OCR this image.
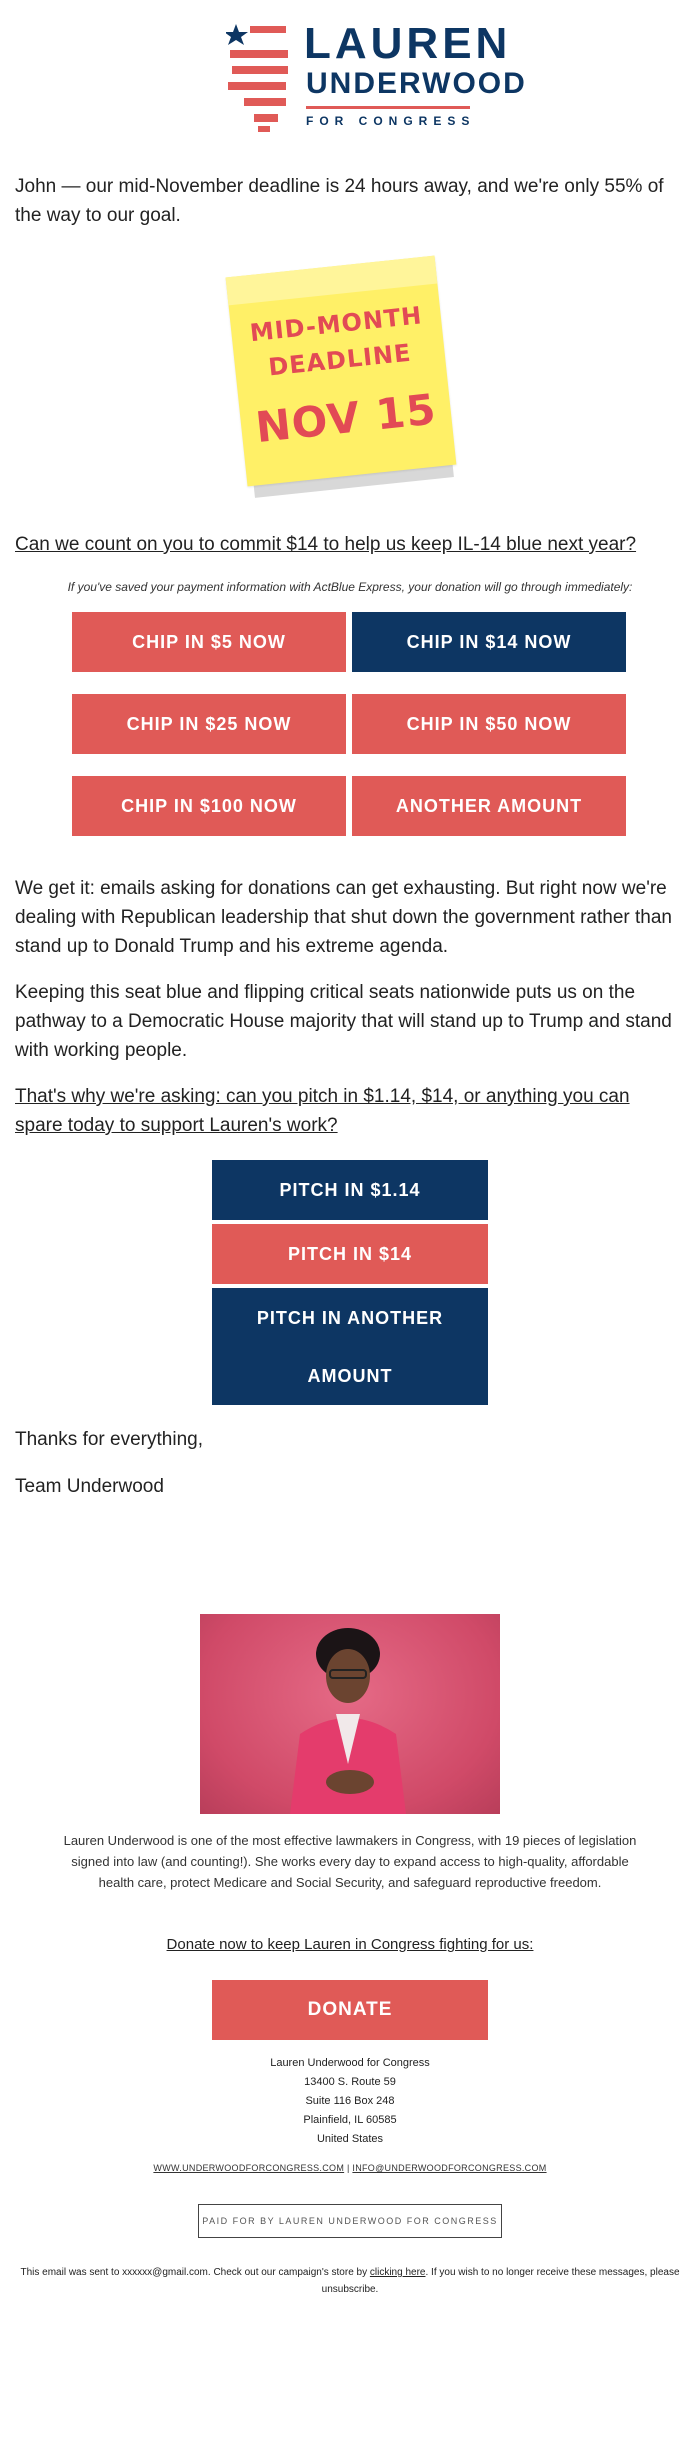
LAUREN
UNDERWOOD
FOR CONGRESS

John — our mid-November deadline is 24 hours away, and we're only 55% of the way to our goal.

MID-MONTH
DEADLINE
NOV 15

Can we count on you to commit $14 to help us keep IL-14 blue next year?

If you've saved your payment information with ActBlue Express, your donation will go through immediately:
CHIP IN $5 NOW	CHIP IN $14 NOW
CHIP IN $25 NOW	CHIP IN $50 NOW
CHIP IN $100 NOW	ANOTHER AMOUNT

We get it: emails asking for donations can get exhausting. But right now we're dealing with Republican leadership that shut down the government rather than stand up to Donald Trump and his extreme agenda.

Keeping this seat blue and flipping critical seats nationwide puts us on the pathway to a Democratic House majority that will stand up to Trump and stand with working people.

That's why we're asking: can you pitch in $1.14, $14, or anything you can spare today to support Lauren's work?

PITCH IN $1.14
PITCH IN $14
PITCH IN ANOTHER
AMOUNT

Thanks for everything,

Team Underwood

Lauren Underwood is one of the most effective lawmakers in Congress, with 19 pieces of legislation signed into law (and counting!). She works every day to expand access to high-quality, affordable health care, protect Medicare and Social Security, and safeguard reproductive freedom.
Donate now to keep Lauren in Congress fighting for us:
DONATE
Lauren Underwood for Congress
13400 S. Route 59
Suite 116 Box 248
Plainfield, IL 60585
United States
WWW.UNDERWOODFORCONGRESS.COM | INFO@UNDERWOODFORCONGRESS.COM
PAID FOR BY LAUREN UNDERWOOD FOR CONGRESS
This email was sent to xxxxxx@gmail.com. Check out our campaign's store by clicking here. If you wish to no longer receive these messages, please unsubscribe.
